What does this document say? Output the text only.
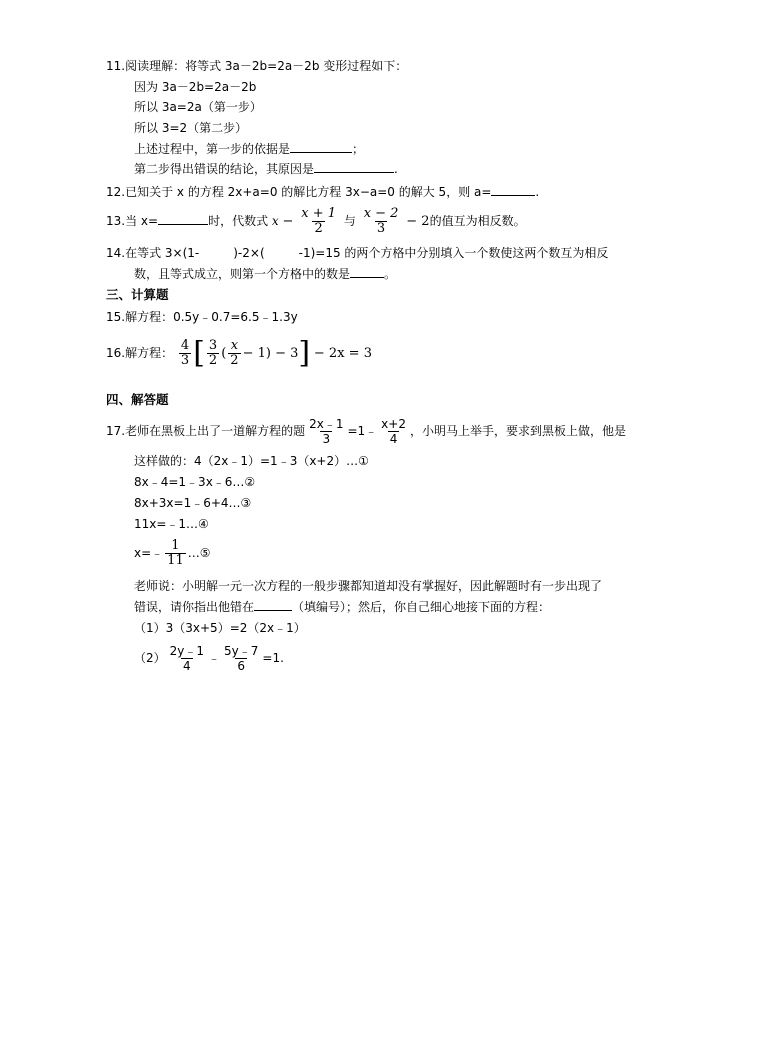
11.阅读理解：将等式 3a－2b=2a－2b 变形过程如下：
因为 3a－2b=2a－2b
所以 3a=2a（第一步）
所以 3=2（第二步）
上述过程中，第一步的依据是	；
第二步得出错误的结论，其原因是	.
12.已知关于 x 的方程 2x+a=0 的解比方程 3x−a=0 的解大 5，则 a=	.
13.当 x=	时，代数式 $x - \frac{x + 1}{2}$ 与 $\frac{x - 2}{3} - 2$的值互为相反数。
14.在等式 3×(1-	)-2×(	-1)=15 的两个方格中分别填入一个数使这两个数互为相反
数，且等式成立，则第一个方格中的数是	。
三、计算题
15.解方程：0.5y﹣0.7=6.5﹣1.3y
16.解方程： $\frac{4}{3}$ [ $\frac{3}{2}$ ( $\frac{x}{2} - 1) - 3] - 2x = 3$
四、解答题
17.老师在黑板上出了一道解方程的题 $\frac{2x﹣1}{3}$ =1﹣ $\frac{x+2}{4}$ ，小明马上举手，要求到黑板上做，他是
这样做的：4（2x﹣1）=1﹣3（x+2）…①
8x﹣4=1﹣3x﹣6…②
8x+3x=1﹣6+4…③
11x=﹣1…④
x=﹣ $\frac{1}{11}$ …⑤
老师说：小明解一元一次方程的一般步骤都知道却没有掌握好，因此解题时有一步出现了
错误，请你指出他错在	（填编号）；然后，你自己细心地接下面的方程：
（1）3（3x+5）=2（2x﹣1）
$(2) \frac{2y﹣1}{4}$ ﹣ $\frac{5y﹣7}{6} =1$.
